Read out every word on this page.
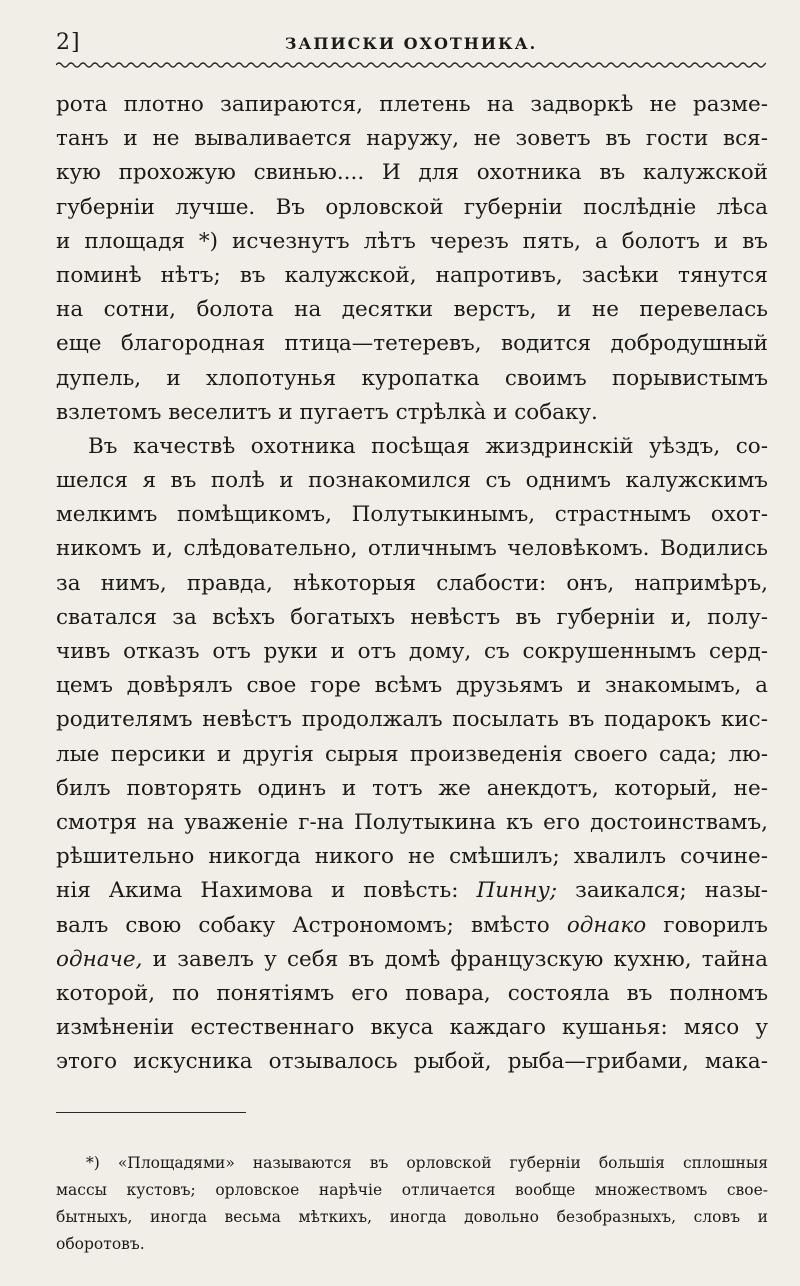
2]	ЗАПИСКИ ОХОТНИКА.
рота плотно запираются, плетень на задворкѣ не разме-
танъ и не вываливается наружу, не зоветъ въ гости вся-
кую прохожую свинью.... И для охотника въ калужской
губерніи лучше. Въ орловской губерніи послѣдніе лѣса
и площадя *) исчезнутъ лѣтъ черезъ пять, а болотъ и въ
поминѣ нѣтъ; въ калужской, напротивъ, засѣки тянутся
на сотни, болота на десятки верстъ, и не перевелась
еще благородная птица—тетеревъ, водится добродушный
дупель, и хлопотунья куропатка своимъ порывистымъ
взлетомъ веселитъ и пугаетъ стрѣлкà и собаку.
Въ качествѣ охотника посѣщая жиздринскій уѣздъ, со-
шелся я въ полѣ и познакомился съ однимъ калужскимъ
мелкимъ помѣщикомъ, Полутыкинымъ, страстнымъ охот-
никомъ и, слѣдовательно, отличнымъ человѣкомъ. Водились
за нимъ, правда, нѣкоторыя слабости: онъ, напримѣръ,
сватался за всѣхъ богатыхъ невѣстъ въ губерніи и, полу-
чивъ отказъ отъ руки и отъ дому, съ сокрушеннымъ серд-
цемъ довѣрялъ свое горе всѣмъ друзьямъ и знакомымъ, а
родителямъ невѣстъ продолжалъ посылать въ подарокъ кис-
лые персики и другія сырыя произведенія своего сада; лю-
билъ повторять одинъ и тотъ же анекдотъ, который, не-
смотря на уваженіе г-на Полутыкина къ его достоинствамъ,
рѣшительно никогда никого не смѣшилъ; хвалилъ сочине-
нія Акима Нахимова и повѣсть: Пинну; заикался; назы-
валъ свою собаку Астрономомъ; вмѣсто однако говорилъ
одначе, и завелъ у себя въ домѣ французскую кухню, тайна
которой, по понятіямъ его повара, состояла въ полномъ
измѣненіи естественнаго вкуса каждаго кушанья: мясо у
этого искусника отзывалось рыбой, рыба—грибами, мака-
*) «Площадями» называются въ орловской губерніи большія сплошныя
массы кустовъ; орловское нарѣчіе отличается вообще множествомъ свое-
бытныхъ, иногда весьма мѣткихъ, иногда довольно безобразныхъ, словъ и
оборотовъ.
